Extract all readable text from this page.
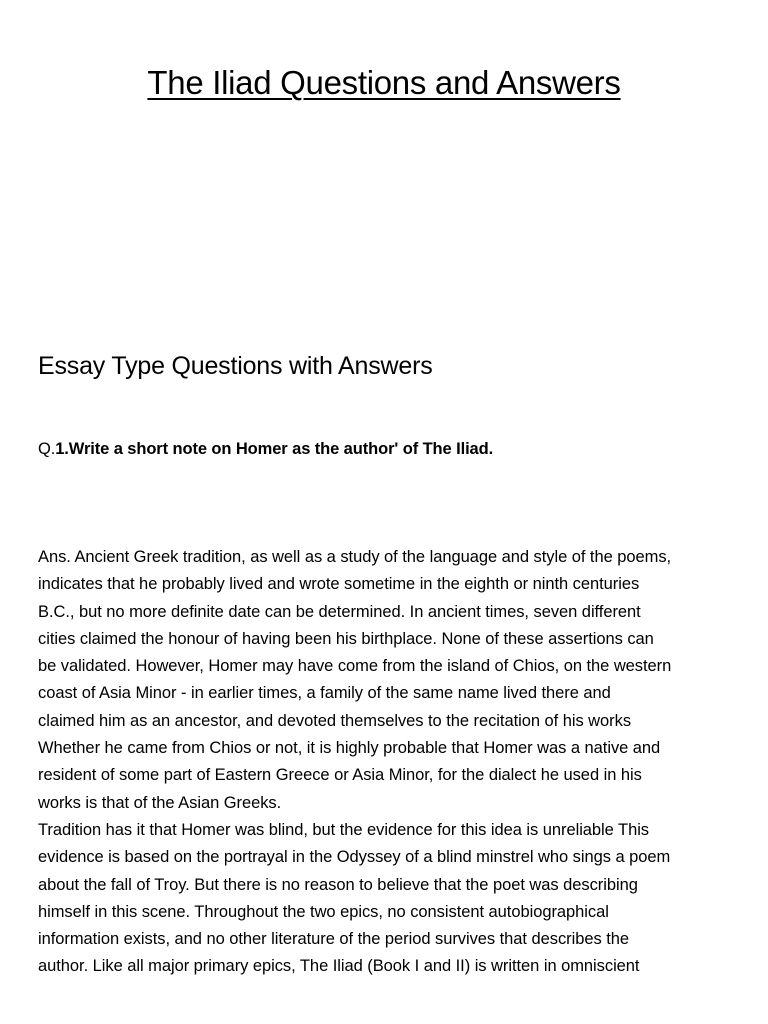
The Iliad Questions and Answers
Essay Type Questions with Answers

Q.1.Write a short note on Homer as the author' of The Iliad.

Ans. Ancient Greek tradition, as well as a study of the language and style of the poems,
indicates that he probably lived and wrote sometime in the eighth or ninth centuries
B.C., but no more definite date can be determined. In ancient times, seven different
cities claimed the honour of having been his birthplace. None of these assertions can
be validated. However, Homer may have come from the island of Chios, on the western
coast of Asia Minor - in earlier times, a family of the same name lived there and
claimed him as an ancestor, and devoted themselves to the recitation of his works
Whether he came from Chios or not, it is highly probable that Homer was a native and
resident of some part of Eastern Greece or Asia Minor, for the dialect he used in his
works is that of the Asian Greeks.
Tradition has it that Homer was blind, but the evidence for this idea is unreliable This
evidence is based on the portrayal in the Odyssey of a blind minstrel who sings a poem
about the fall of Troy. But there is no reason to believe that the poet was describing
himself in this scene. Throughout the two epics, no consistent autobiographical
information exists, and no other literature of the period survives that describes the
author. Like all major primary epics, The Iliad (Book I and II) is written in omniscient
